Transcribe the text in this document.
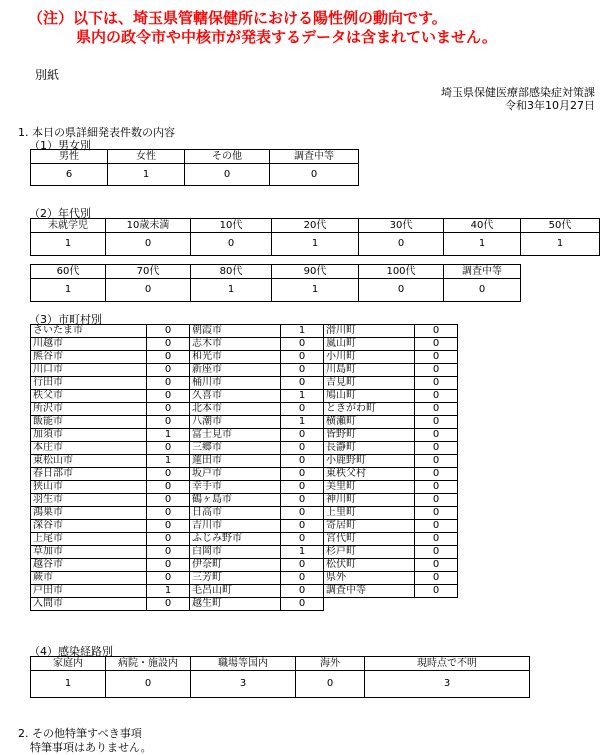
（注）以下は、埼玉県管轄保健所における陽性例の動向です。
県内の政令市や中核市が発表するデータは含まれていません。
別紙
埼玉県保健医療部感染症対策課
令和3年10月27日
1. 本日の県詳細発表件数の内容
（1）男女別
男性	女性	その他	調査中等
6	1	0	0
（2）年代別
未就学児	10歳未満	10代	20代	30代	40代	50代
1	0	0	1	0	1	1

60代	70代	80代	90代	100代	調査中等	
1	0	1	1	0	0	
（3）市町村別
さいたま市	0	朝霞市	1	滑川町	0
川越市	0	志木市	0	嵐山町	0
熊谷市	0	和光市	0	小川町	0
川口市	0	新座市	0	川島町	0
行田市	0	桶川市	0	吉見町	0
秩父市	0	久喜市	1	鳩山町	0
所沢市	0	北本市	0	ときがわ町	0
飯能市	0	八潮市	1	横瀬町	0
加須市	1	富士見市	0	皆野町	0
本庄市	0	三郷市	0	長瀞町	0
東松山市	1	蓮田市	0	小鹿野町	0
春日部市	0	坂戸市	0	東秩父村	0
狭山市	0	幸手市	0	美里町	0
羽生市	0	鶴ヶ島市	0	神川町	0
鴻巣市	0	日高市	0	上里町	0
深谷市	0	吉川市	0	寄居町	0
上尾市	0	ふじみ野市	0	宮代町	0
草加市	0	白岡市	1	杉戸町	0
越谷市	0	伊奈町	0	松伏町	0
蕨市	0	三芳町	0	県外	0
戸田市	1	毛呂山町	0	調査中等	0
入間市	0	越生町	0		
（4）感染経路別
家庭内	病院・施設内	職場等国内	海外	現時点で不明
1	0	3	0	3
2. その他特筆すべき事項
特筆事項はありません。
